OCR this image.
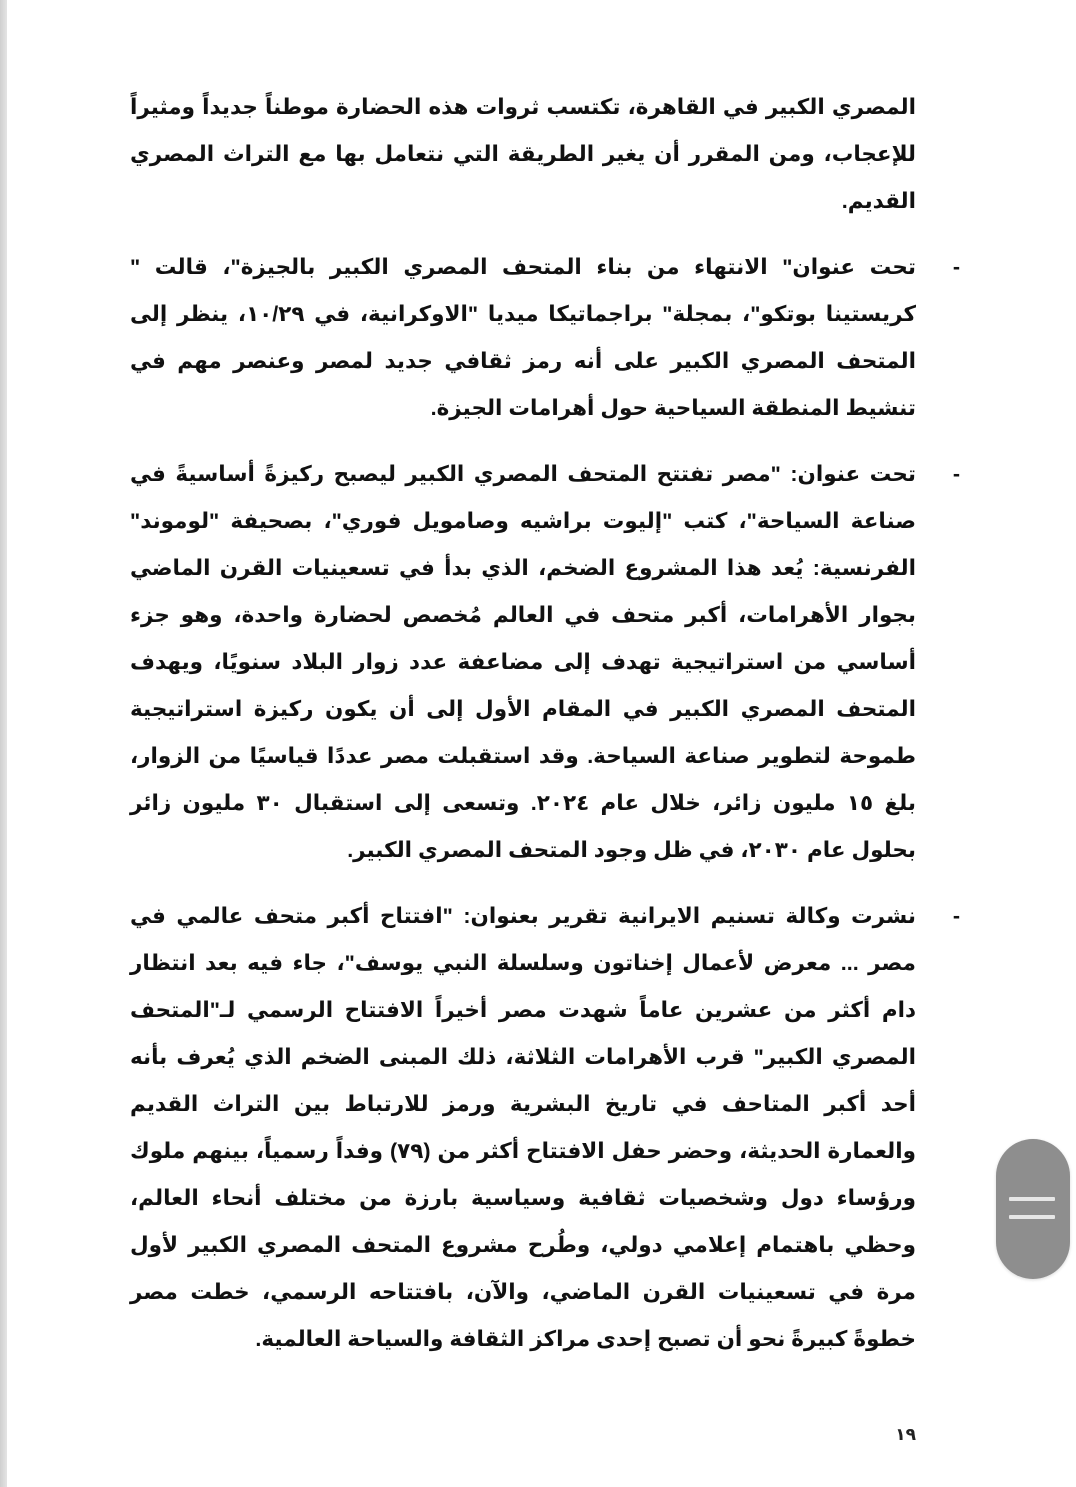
المصري الكبير في القاهرة، تكتسب ثروات هذه الحضارة موطناً جديداً ومثيراً للإعجاب، ومن المقرر أن يغير الطريقة التي نتعامل بها مع التراث المصري القديم.

-

تحت عنوان" الانتهاء من بناء المتحف المصري الكبير بالجيزة"، قالت " كريستينا بوتكو"، بمجلة" براجماتيكا ميديا "الاوكرانية، في ١٠/٢٩، ينظر إلى المتحف المصري الكبير على أنه رمز ثقافي جديد لمصر وعنصر مهم في تنشيط المنطقة السياحية حول أهرامات الجيزة.

-

تحت عنوان: "مصر تفتتح المتحف المصري الكبير ليصبح ركيزةً أساسيةً في صناعة السياحة"، كتب "إليوت براشيه وصامويل فوري"، بصحيفة "لوموند" الفرنسية: يُعد هذا المشروع الضخم، الذي بدأ في تسعينيات القرن الماضي بجوار الأهرامات، أكبر متحف في العالم مُخصص لحضارة واحدة، وهو جزء أساسي من استراتيجية تهدف إلى مضاعفة عدد زوار البلاد سنويًا، ويهدف المتحف المصري الكبير في المقام الأول إلى أن يكون ركيزة استراتيجية طموحة لتطوير صناعة السياحة. وقد استقبلت مصر عددًا قياسيًا من الزوار، بلغ ١٥ مليون زائر، خلال عام ٢٠٢٤. وتسعى إلى استقبال ٣٠ مليون زائر بحلول عام ٢٠٣٠، في ظل وجود المتحف المصري الكبير.

-

نشرت وكالة تسنيم الايرانية تقرير بعنوان: "افتتاح أكبر متحف عالمي في مصر ... معرض لأعمال إخناتون وسلسلة النبي يوسف"، جاء فيه بعد انتظار دام أكثر من عشرين عاماً شهدت مصر أخيراً الافتتاح الرسمي لـ"المتحف المصري الكبير" قرب الأهرامات الثلاثة، ذلك المبنى الضخم الذي يُعرف بأنه أحد أكبر المتاحف في تاريخ البشرية ورمز للارتباط بين التراث القديم والعمارة الحديثة، وحضر حفل الافتتاح أكثر من (٧٩) وفداً رسمياً، بينهم ملوك ورؤساء دول وشخصيات ثقافية وسياسية بارزة من مختلف أنحاء العالم، وحظي باهتمام إعلامي دولي، وطُرح مشروع المتحف المصري الكبير لأول مرة في تسعينيات القرن الماضي، والآن، بافتتاحه الرسمي، خطت مصر خطوةً كبيرةً نحو أن تصبح إحدى مراكز الثقافة والسياحة العالمية.

١٩
